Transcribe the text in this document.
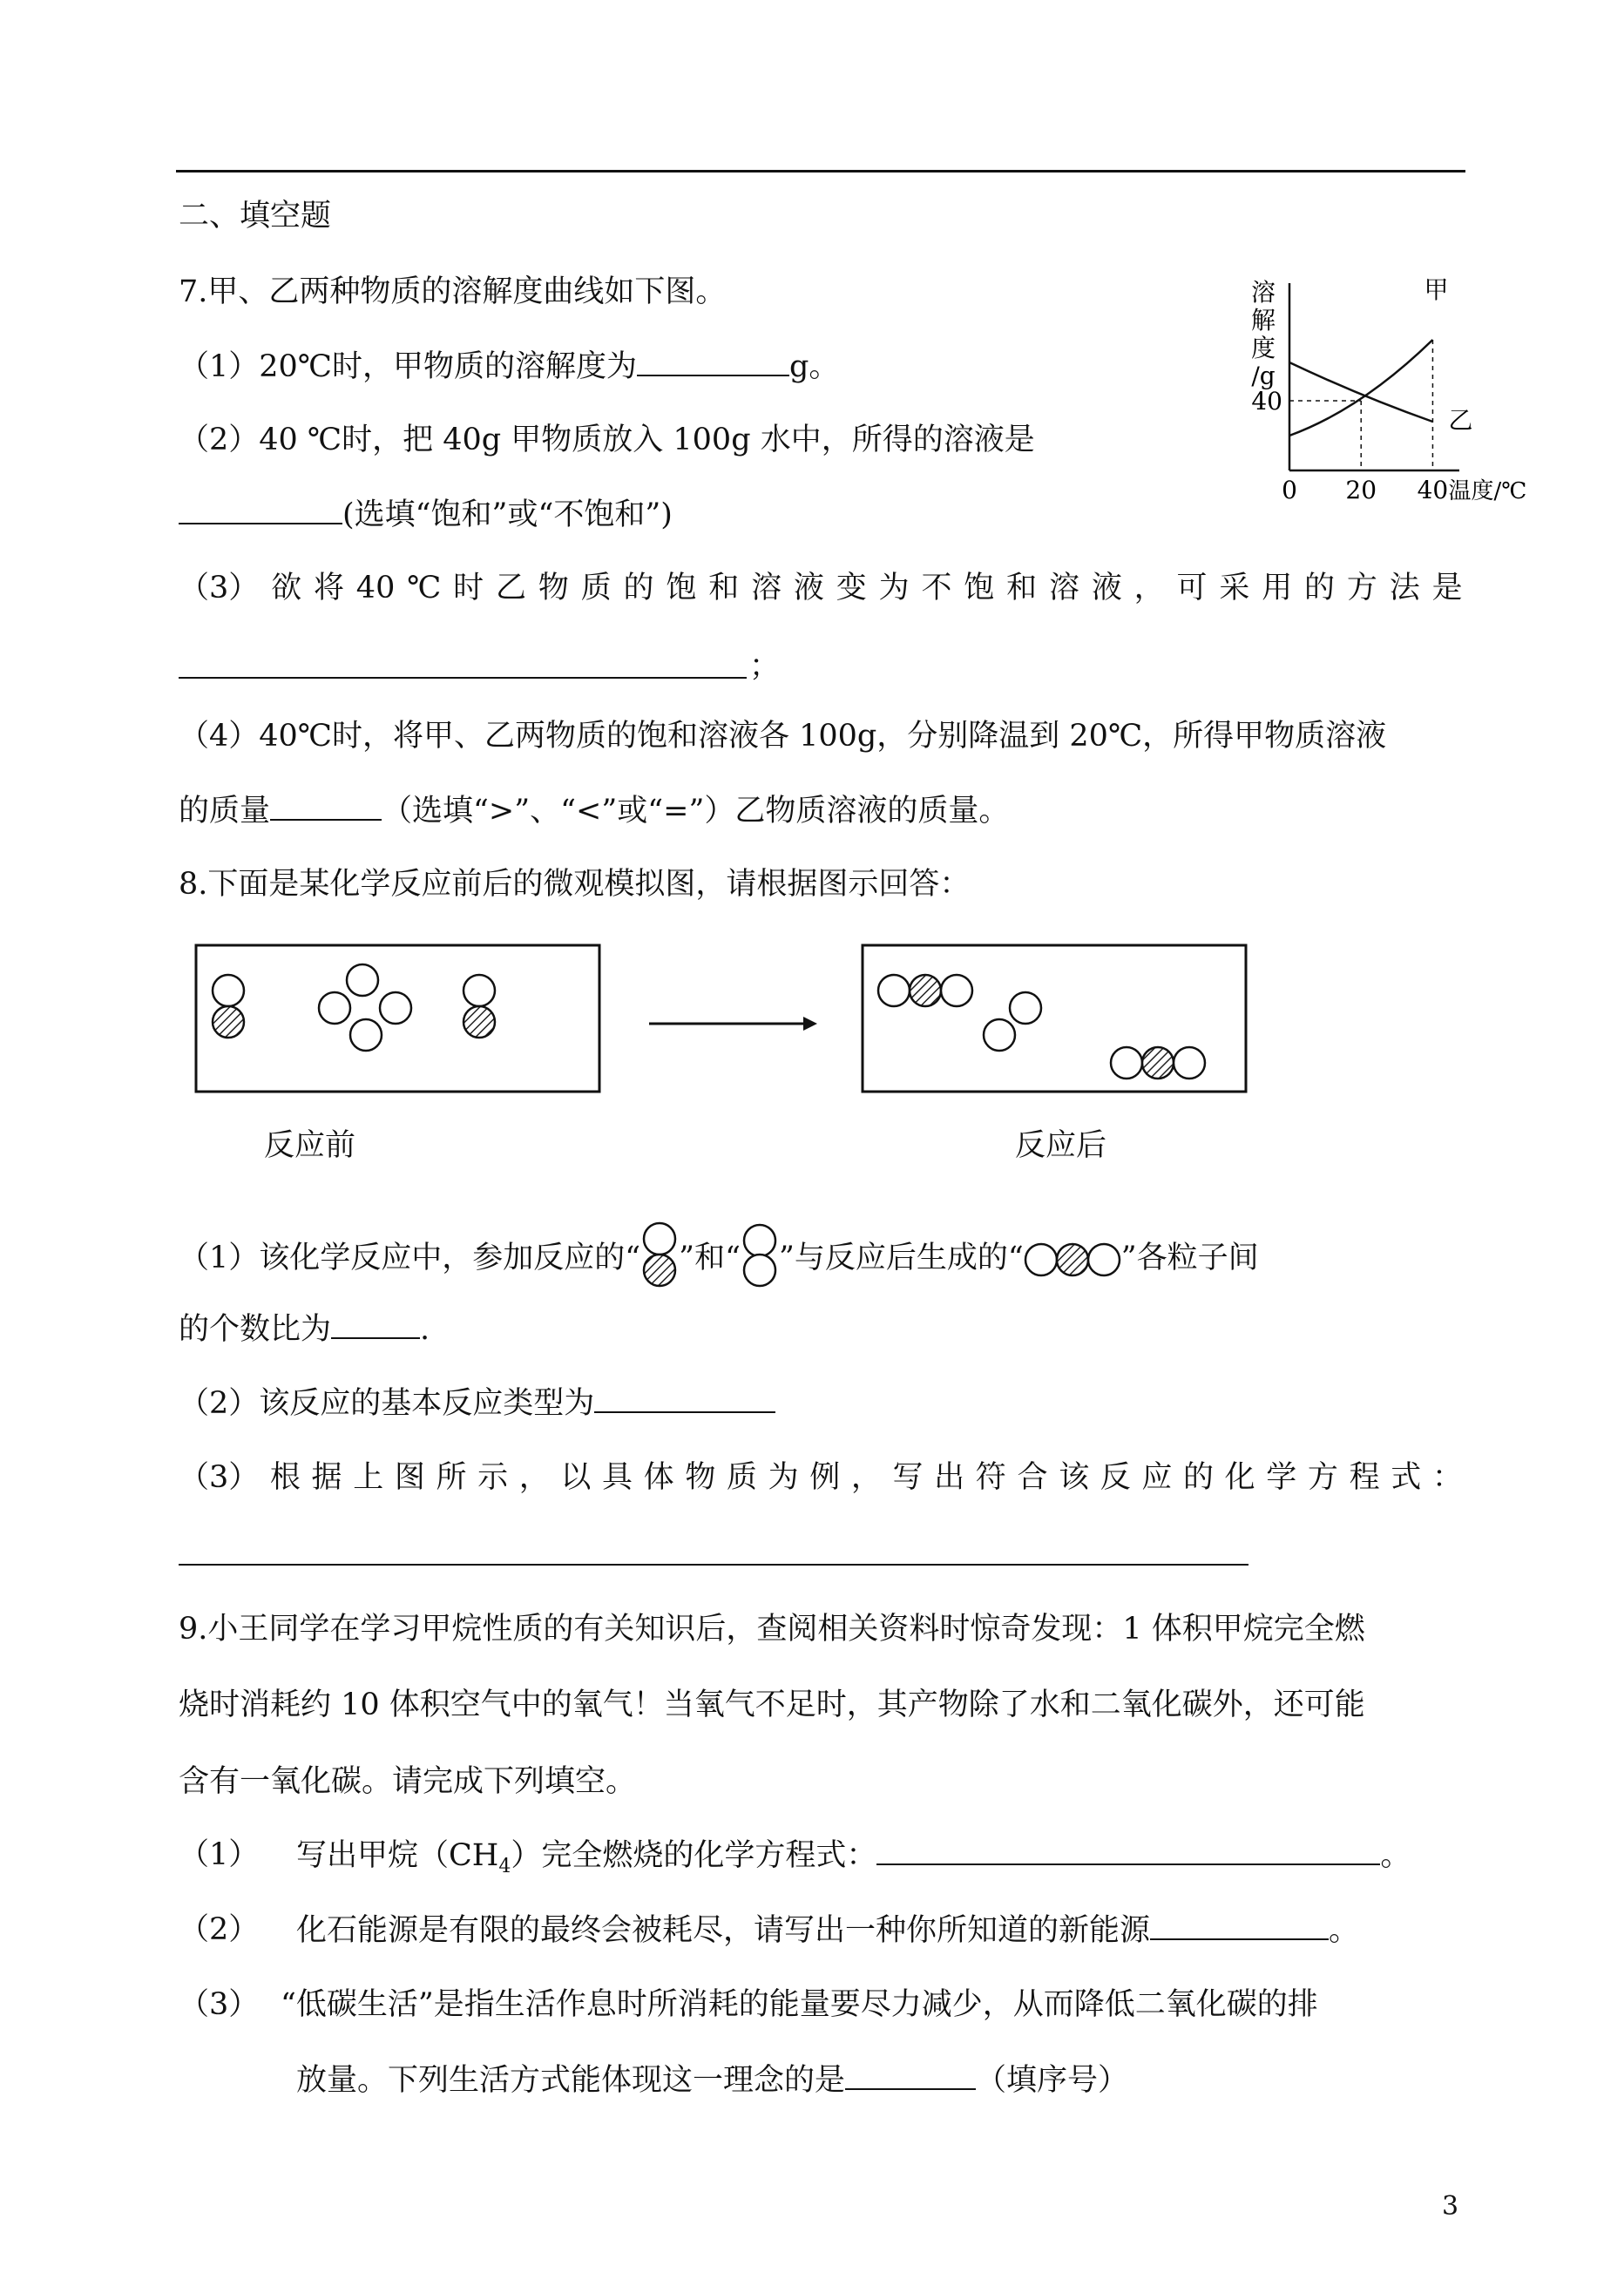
二、填空题
7.甲、乙两种物质的溶解度曲线如下图。
（1）20℃时，甲物质的溶解度为	g。
（2）40 ℃时，把 40g 甲物质放入 100g 水中，所得的溶液是
(选填“饱和”或“不饱和”)
（3） 欲 将 40 ℃ 时 乙 物 质 的 饱 和 溶 液 变 为 不 饱 和 溶 液 ， 可 采 用 的 方 法 是
；
（4）40℃时，将甲、乙两物质的饱和溶液各 100g，分别降温到 20℃，所得甲物质溶液
的质量	（选填“>”、“<”或“=”）乙物质溶液的质量。
溶
解
度
/g
甲
乙
40
0 20 40 温度/℃
8.下面是某化学反应前后的微观模拟图，请根据图示回答：
反应前	反应后
（1）该化学反应中，参加反应的“ ”和“ ”与反应后生成的“	”各粒子间
的个数比为	.
（2）该反应的基本反应类型为
（3） 根 据 上 图 所 示 ， 以 具 体 物 质 为 例 ， 写 出 符 合 该 反 应 的 化 学 方 程 式 ：
9.小王同学在学习甲烷性质的有关知识后，查阅相关资料时惊奇发现：1 体积甲烷完全燃
烧时消耗约 10 体积空气中的氧气！当氧气不足时，其产物除了水和二氧化碳外，还可能
含有一氧化碳。请完成下列填空。
（1） 写出甲烷$(CH_4)$完全燃烧的化学方程式：	。
（2） 化石能源是有限的最终会被耗尽，请写出一种你所知道的新能源	。
（3） “低碳生活”是指生活作息时所消耗的能量要尽力减少，从而降低二氧化碳的排
放量。下列生活方式能体现这一理念的是	（填序号）
3
